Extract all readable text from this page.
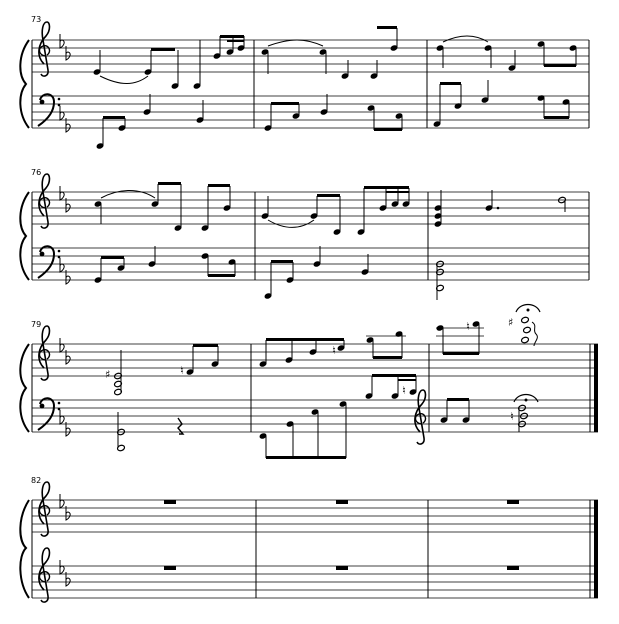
73
76
79
♯	♮
♮
♮	♯
♮
♮
82
